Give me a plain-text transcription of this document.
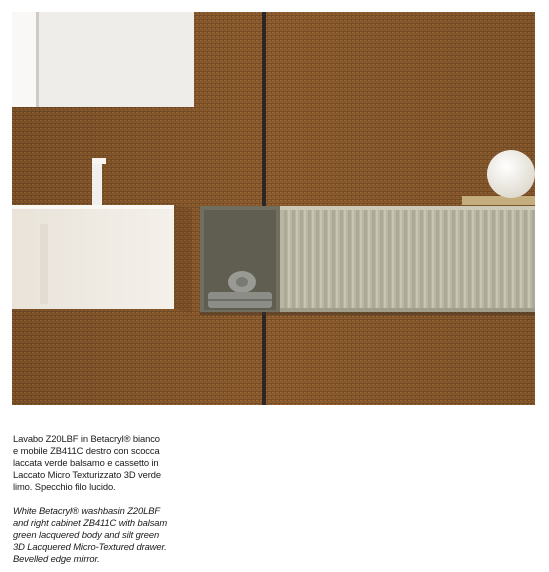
Lavabo Z20LBF in Betacryl® bianco
e mobile ZB411C destro con scocca
laccata verde balsamo e cassetto in
Laccato Micro Texturizzato 3D verde
limo. Specchio filo lucido.

White Betacryl® washbasin Z20LBF
and right cabinet ZB411C with balsam
green lacquered body and silt green
3D Lacquered Micro-Textured drawer.
Bevelled edge mirror.
